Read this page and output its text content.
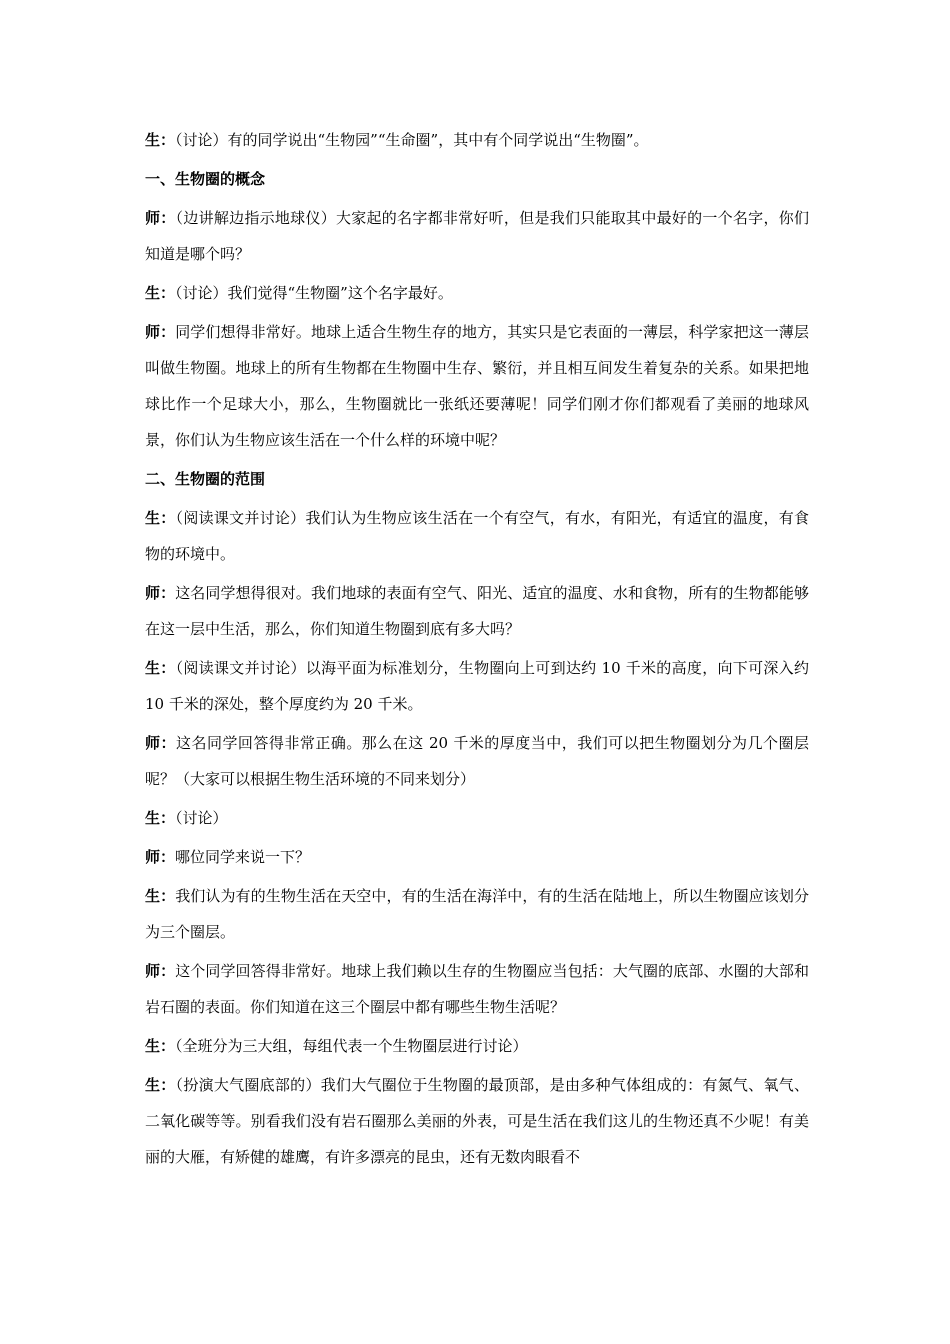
生：（讨论）有的同学说出“生物园”“生命圈”，其中有个同学说出“生物圈”。

一、生物圈的概念

师：（边讲解边指示地球仪）大家起的名字都非常好听，但是我们只能取其中最好的一个名字，你们知道是哪个吗？

生：（讨论）我们觉得“生物圈”这个名字最好。

师：同学们想得非常好。地球上适合生物生存的地方，其实只是它表面的一薄层，科学家把这一薄层叫做生物圈。地球上的所有生物都在生物圈中生存、繁衍，并且相互间发生着复杂的关系。如果把地球比作一个足球大小，那么，生物圈就比一张纸还要薄呢！同学们刚才你们都观看了美丽的地球风景，你们认为生物应该生活在一个什么样的环境中呢？

二、生物圈的范围

生：（阅读课文并讨论）我们认为生物应该生活在一个有空气，有水，有阳光，有适宜的温度，有食物的环境中。

师：这名同学想得很对。我们地球的表面有空气、阳光、适宜的温度、水和食物，所有的生物都能够在这一层中生活，那么，你们知道生物圈到底有多大吗？

生：（阅读课文并讨论）以海平面为标准划分，生物圈向上可到达约 10 千米的高度，向下可深入约 10 千米的深处，整个厚度约为 20 千米。

师：这名同学回答得非常正确。那么在这 20 千米的厚度当中，我们可以把生物圈划分为几个圈层呢？（大家可以根据生物生活环境的不同来划分）

生：（讨论）

师：哪位同学来说一下？

生：我们认为有的生物生活在天空中，有的生活在海洋中，有的生活在陆地上，所以生物圈应该划分为三个圈层。

师：这个同学回答得非常好。地球上我们赖以生存的生物圈应当包括：大气圈的底部、水圈的大部和岩石圈的表面。你们知道在这三个圈层中都有哪些生物生活呢？

生：（全班分为三大组，每组代表一个生物圈层进行讨论）

生：（扮演大气圈底部的）我们大气圈位于生物圈的最顶部，是由多种气体组成的：有氮气、氧气、二氧化碳等等。别看我们没有岩石圈那么美丽的外表，可是生活在我们这儿的生物还真不少呢！有美丽的大雁，有矫健的雄鹰，有许多漂亮的昆虫，还有无数肉眼看不
